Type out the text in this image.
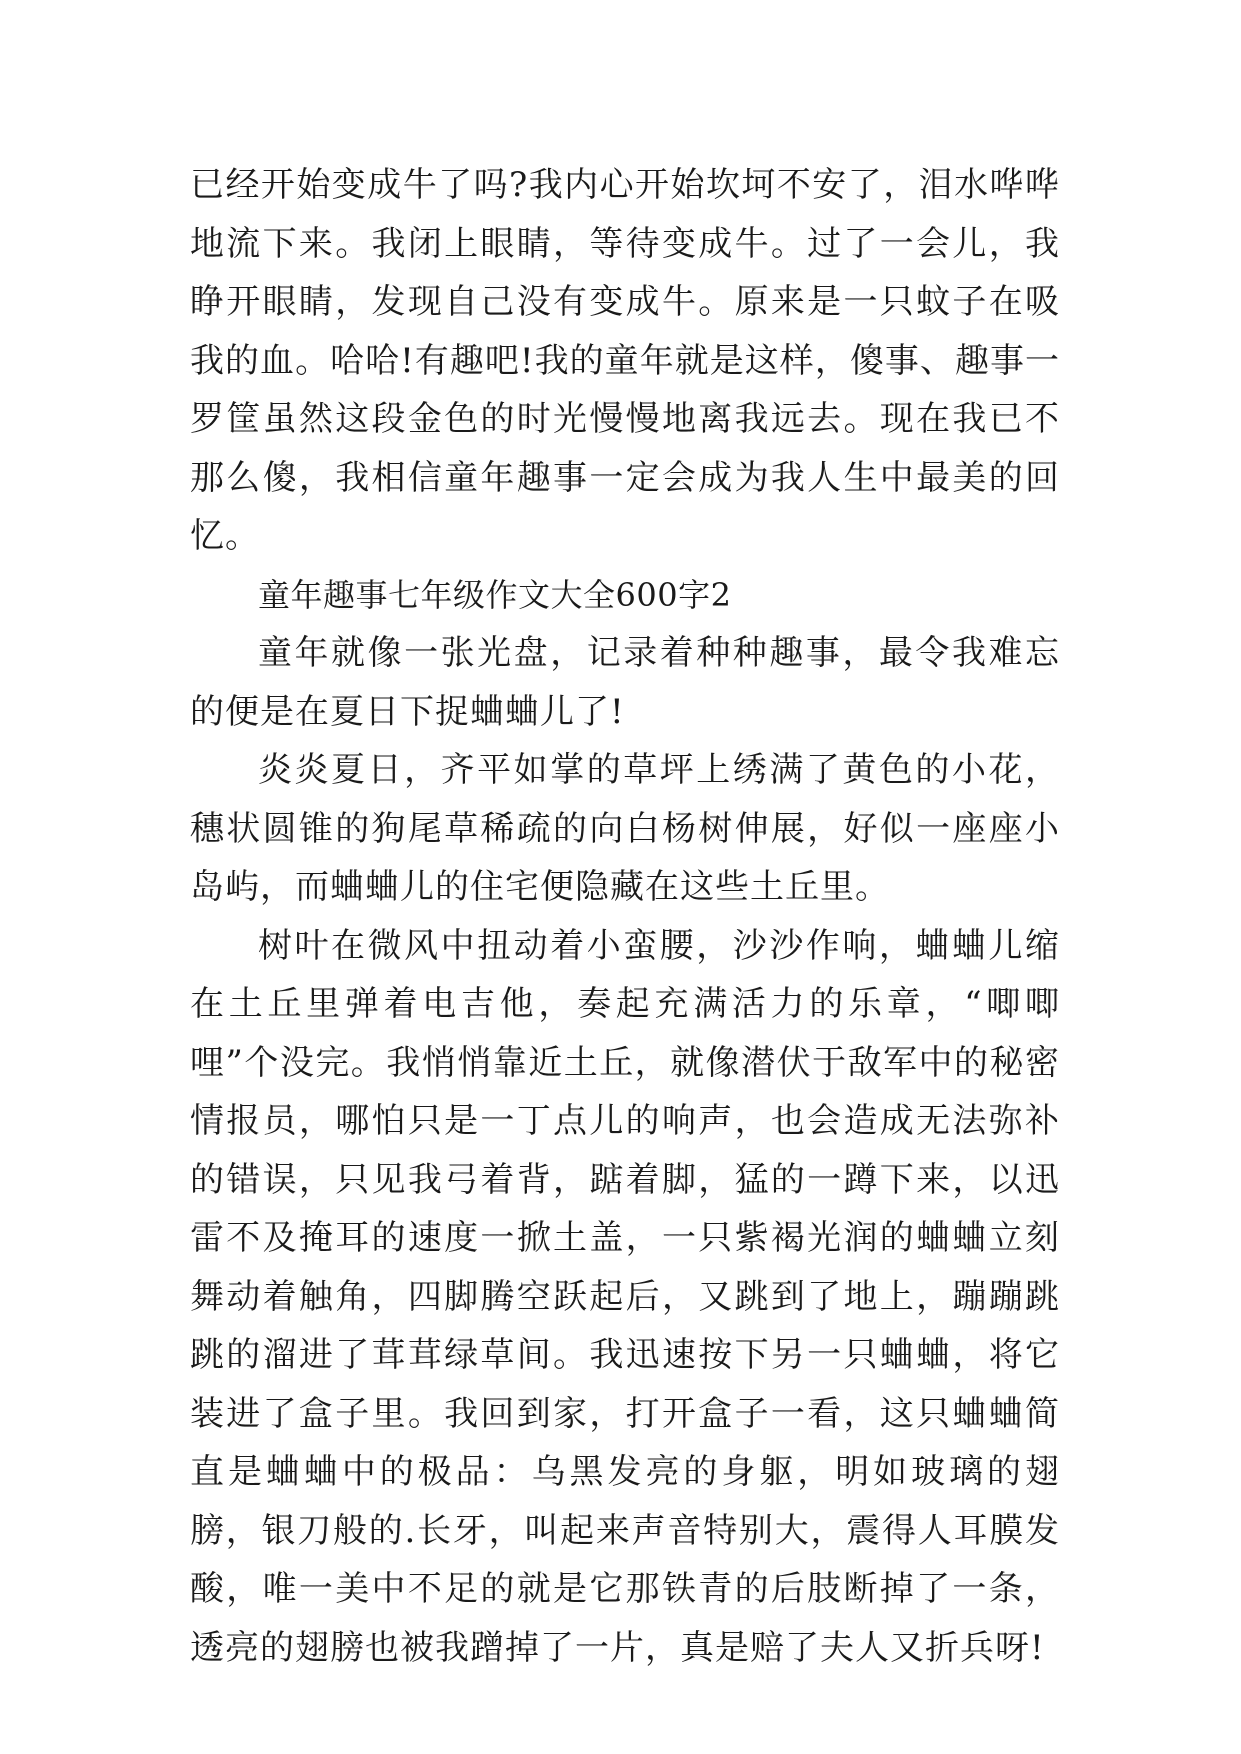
已经开始变成牛了吗?我内心开始坎坷不安了，泪水哗哗地流下来。我闭上眼睛，等待变成牛。过了一会儿，我睁开眼睛，发现自己没有变成牛。原来是一只蚊子在吸我的血。哈哈!有趣吧!我的童年就是这样，傻事、趣事一罗筐虽然这段金色的时光慢慢地离我远去。现在我已不那么傻，我相信童年趣事一定会成为我人生中最美的回忆。

童年趣事七年级作文大全600字2

童年就像一张光盘，记录着种种趣事，最令我难忘的便是在夏日下捉蛐蛐儿了!

炎炎夏日，齐平如掌的草坪上绣满了黄色的小花，穗状圆锥的狗尾草稀疏的向白杨树伸展，好似一座座小岛屿，而蛐蛐儿的住宅便隐藏在这些土丘里。

树叶在微风中扭动着小蛮腰，沙沙作响，蛐蛐儿缩在土丘里弹着电吉他，奏起充满活力的乐章，“唧唧哩”个没完。我悄悄靠近土丘，就像潜伏于敌军中的秘密情报员，哪怕只是一丁点儿的响声，也会造成无法弥补的错误，只见我弓着背，踮着脚，猛的一蹲下来，以迅雷不及掩耳的速度一掀土盖，一只紫褐光润的蛐蛐立刻舞动着触角，四脚腾空跃起后，又跳到了地上，蹦蹦跳跳的溜进了茸茸绿草间。我迅速按下另一只蛐蛐，将它装进了盒子里。我回到家，打开盒子一看，这只蛐蛐简直是蛐蛐中的极品：乌黑发亮的身躯，明如玻璃的翅膀，银刀般的.长牙，叫起来声音特别大，震得人耳膜发酸，唯一美中不足的就是它那铁青的后肢断掉了一条，透亮的翅膀也被我蹭掉了一片，真是赔了夫人又折兵呀!
